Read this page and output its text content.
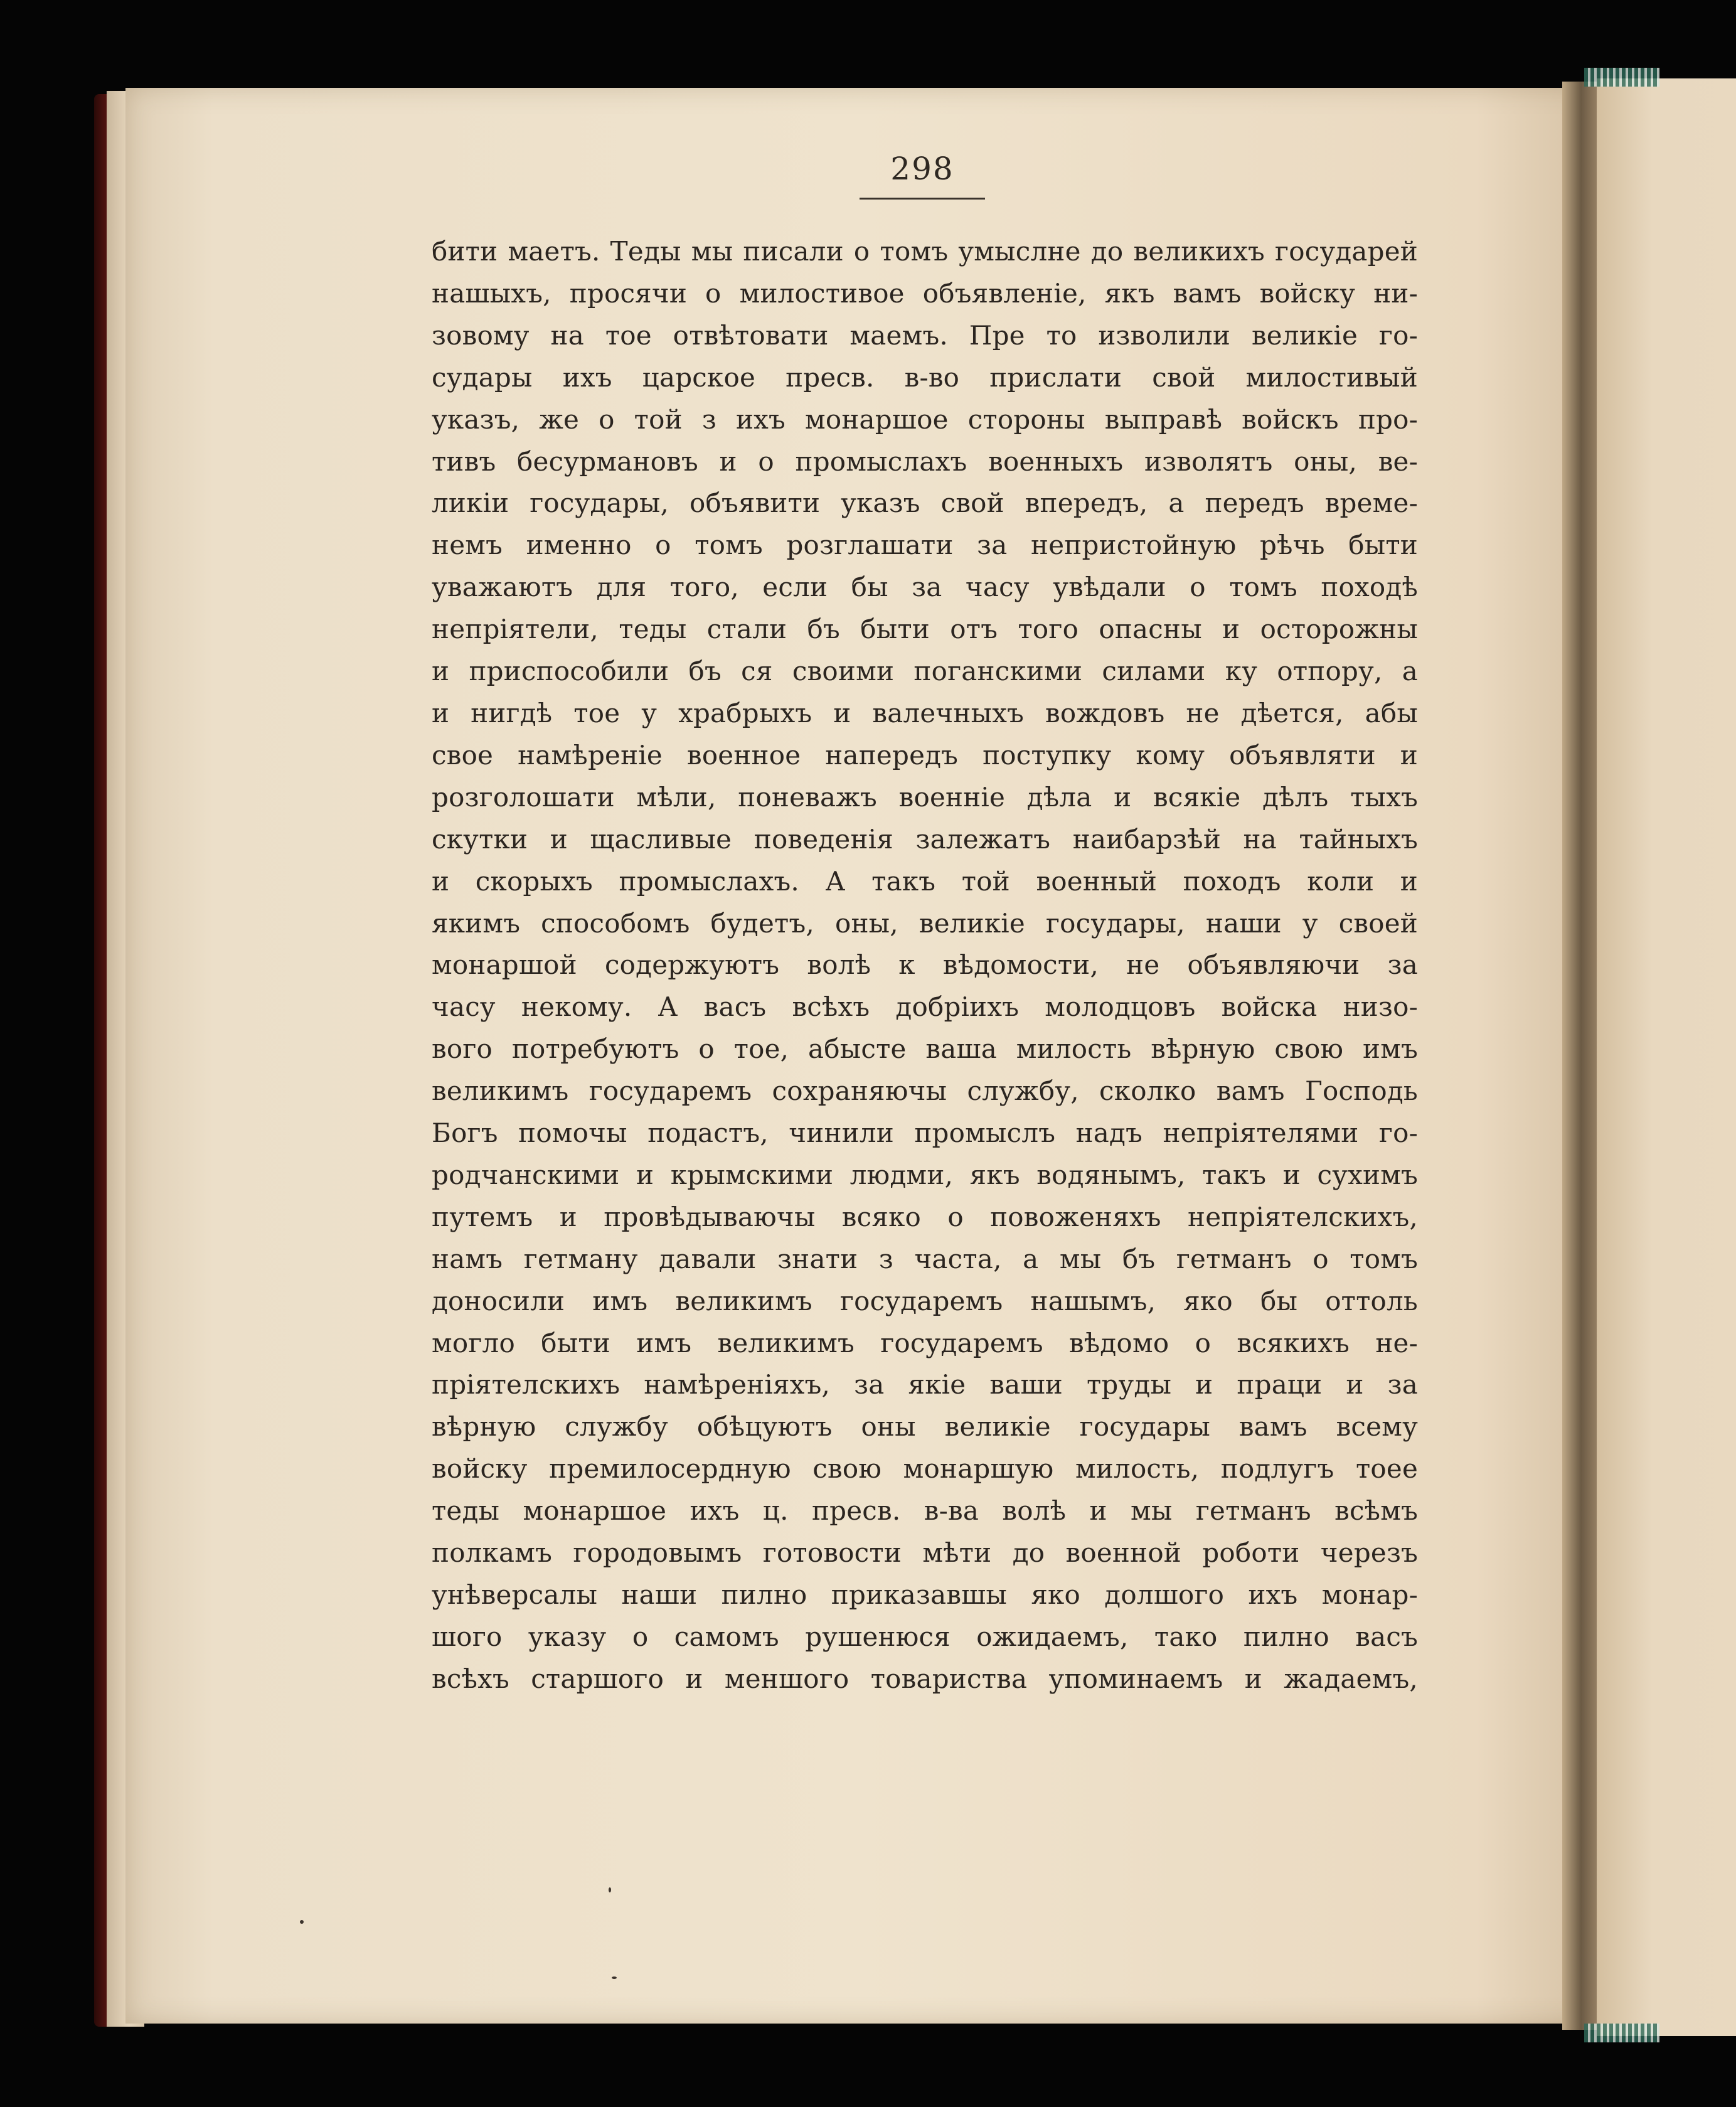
298
бити маетъ. Теды мы писали о томъ умыслне до великихъ государей
нашыхъ, просячи о милостивое объявленіе, якъ вамъ войску ни-
зовому на тое отвѣтовати маемъ. Пре то изволили великіе го-
судары ихъ царское пресв. в-во прислати свой милостивый
указъ, же о той з ихъ монаршое стороны выправѣ войскъ про-
тивъ бесурмановъ и о промыслахъ военныхъ изволятъ оны, ве-
ликіи государы, объявити указъ свой впередъ, а передъ време-
немъ именно о томъ розглашати за непристойную рѣчь быти
уважаютъ для того, если бы за часу увѣдали о томъ походѣ
непріятели, теды стали бъ быти отъ того опасны и осторожны
и приспособили бъ ся своими поганскими силами ку отпору, а
и нигдѣ тое у храбрыхъ и валечныхъ вождовъ не дѣется, абы
свое намѣреніе военное напередъ поступку кому объявляти и
розголошати мѣли, поневажъ военніе дѣла и всякіе дѣлъ тыхъ
скутки и щасливые поведенія залежатъ наибарзѣй на тайныхъ
и скорыхъ промыслахъ. А такъ той военный походъ коли и
якимъ способомъ будетъ, оны, великіе государы, наши у своей
монаршой содержуютъ волѣ к вѣдомости, не объявляючи за
часу некому. А васъ всѣхъ добріихъ молодцовъ войска низо-
вого потребуютъ о тое, абысте ваша милость вѣрную свою имъ
великимъ государемъ сохраняючы службу, сколко вамъ Господь
Богъ помочы подастъ, чинили промыслъ надъ непріятелями го-
родчанскими и крымскими людми, якъ водянымъ, такъ и сухимъ
путемъ и провѣдываючы всяко о повоженяхъ непріятелскихъ,
намъ гетману давали знати з часта, а мы бъ гетманъ о томъ
доносили имъ великимъ государемъ нашымъ, яко бы оттоль
могло быти имъ великимъ государемъ вѣдомо о всякихъ не-
пріятелскихъ намѣреніяхъ, за якіе ваши труды и праци и за
вѣрную службу обѣцуютъ оны великіе государы вамъ всему
войску премилосердную свою монаршую милость, подлугъ тоее
теды монаршое ихъ ц. пресв. в-ва волѣ и мы гетманъ всѣмъ
полкамъ городовымъ готовости мѣти до военной роботи черезъ
унѣверсалы наши пилно приказавшы яко долшого ихъ монар-
шого указу о самомъ рушенюся ожидаемъ, тако пилно васъ
всѣхъ старшого и меншого товариства упоминаемъ и жадаемъ,
